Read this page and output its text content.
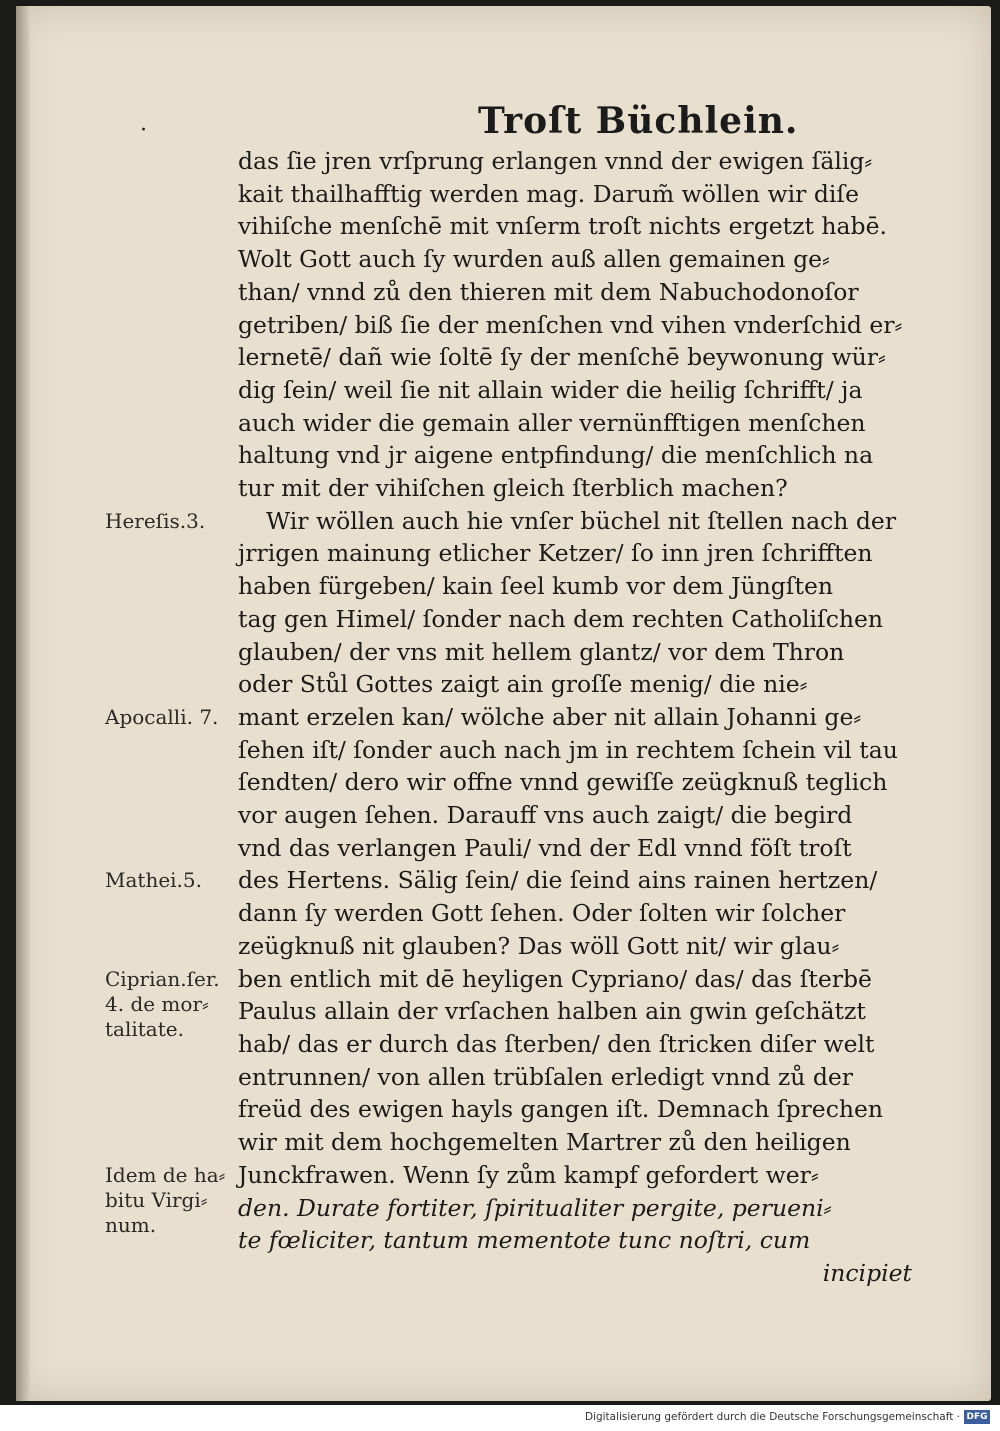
·	Troſt Büchlein.
das ſie jren vrſprung erlangen vnnd der ewigen ſälig⸗
kait thailhafftig werden mag. Darum̃ wöllen wir diſe
vihiſche menſchē mit vnſerm troſt nichts ergetzt habē.
Wolt Gott auch ſy wurden auß allen gemainen ge⸗
than/ vnnd zů den thieren mit dem Nabuchodonoſor
getriben/ biß ſie der menſchen vnd vihen vnderſchid er⸗
lernetē/ dañ wie ſoltē ſy der menſchē beywonung wür⸗
dig ſein/ weil ſie nit allain wider die heilig ſchrifft/ ja
auch wider die gemain aller vernünfftigen menſchen
haltung vnd jr aigene entpfindung/ die menſchlich na
tur mit der vihiſchen gleich ſterblich machen?
Wir wöllen auch hie vnſer büchel nit ſtellen nach der
jrrigen mainung etlicher Ketzer/ ſo inn jren ſchrifften
haben fürgeben/ kain ſeel kumb vor dem Jüngſten
tag gen Himel/ ſonder nach dem rechten Catholiſchen
glauben/ der vns mit hellem glantz/ vor dem Thron
oder Stůl Gottes zaigt ain groſſe menig/ die nie⸗
mant erzelen kan/ wölche aber nit allain Johanni ge⸗
ſehen iſt/ ſonder auch nach jm in rechtem ſchein vil tau
ſendten/ dero wir offne vnnd gewiſſe zeügknuß teglich
vor augen ſehen. Darauff vns auch zaigt/ die begird
vnd das verlangen Pauli/ vnd der Edl vnnd föſt troſt
des Hertens. Sälig ſein/ die ſeind ains rainen hertzen/
dann ſy werden Gott ſehen. Oder ſolten wir ſolcher
zeügknuß nit glauben? Das wöll Gott nit/ wir glau⸗
ben entlich mit dē heyligen Cypriano/ das/ das ſterbē
Paulus allain der vrſachen halben ain gwin geſchätzt
hab/ das er durch das ſterben/ den ſtricken diſer welt
entrunnen/ von allen trübſalen erledigt vnnd zů der
freüd des ewigen hayls gangen iſt. Demnach ſprechen
wir mit dem hochgemelten Martrer zů den heiligen
Junckfrawen. Wenn ſy zům kampf gefordert wer⸗
den. Durate fortiter, ſpiritualiter pergite, perueni⸗
te fœliciter, tantum mementote tunc noſtri, cum
incipiet
Hereſis.3.
Apocalli. 7.
Mathei.5.
Ciprian.ſer.
4. de mor⸗
talitate.
Idem de ha⸗
bitu Virgi⸗
num.
Digitalisierung gefördert durch die Deutsche Forschungsgemeinschaft · DFG
